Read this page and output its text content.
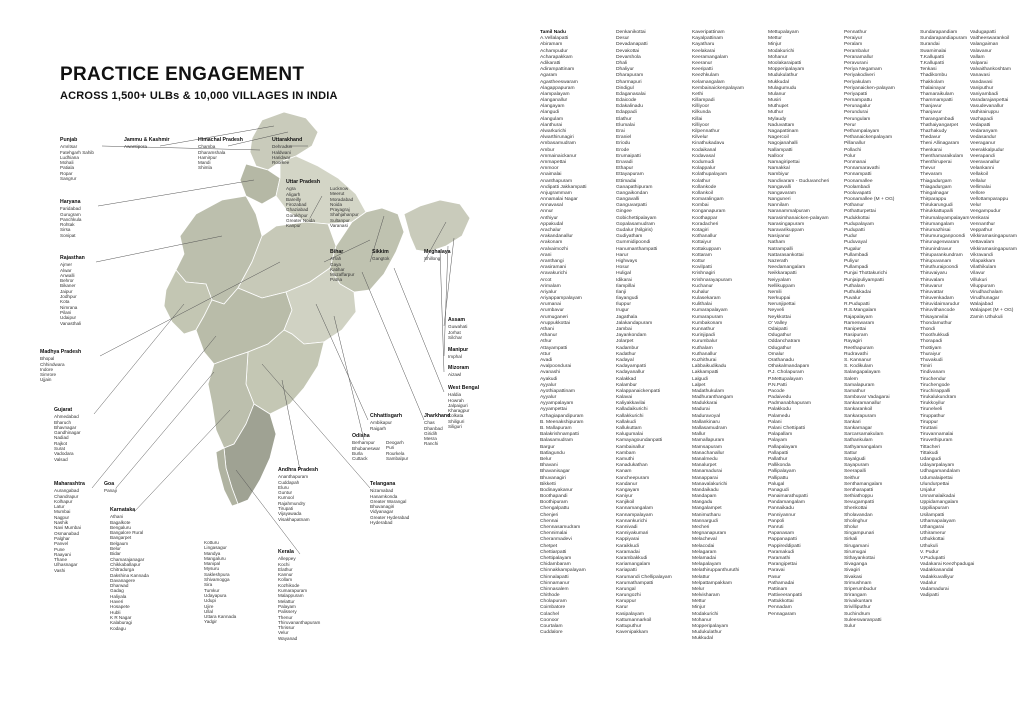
PRACTICE ENGAGEMENT
ACROSS 1,500+ ULBs & 10,000 VILLAGES IN INDIA
Punjab
Amritsar
Fatehgarh Sahib
Ludhiana
Mohali
Patiala
Ropar
Sangrur
Jammu & Kashmir
Awantipora
Himachal Pradesh
Chamba
Dharamshala
Hamirpur
Mandi
Shimla
Uttarakhand
Dehradun
Haldwani
Haridwar
Roorkee
Haryana
Faridabad
Gurugram
Panchkula
Rohtak
Sirsa
Sonipat
Uttar Pradesh
Agra
Aligarh
Bareilly
Firozabad
Ghaziabad
Gorakhpur
Greater Noida
Kanpur
Lucknow
Meerut
Moradabad
Noida
Prayagraj
Shahjahanpur
Sultanpur
Varanasi
Rajasthan
Ajmer
Alwar
Anwalli
Behror
Bikaner
Jaipur
Jodhpur
Kota
Nimrana
Pilani
Udaipur
Vanasthali
Bihar
Arrah
Gaya
Katihar
Muzaffarpur
Patna
Sikkim
Gangtok
Meghalaya
Shillong
Madhya Pradesh
Bhopal
Chhindwara
Indore
Simrore
Ujjain
Assam
Guwahati
Jorhat
Silchar
Manipur
Imphal
Mizoram
Aizawl
West Bengal
Haldia
Howrah
Jalpaiguri
Kharagpur
Kolkata
Shiliguri
Siliguri
Gujarat
Ahmedabad
Bharuch
Bhavnagar
Gandhinagar
Nadiad
Rajkot
Surat
Vadodara
Valsad
Chhattisgarh
Ambikapur
Raigarh
Jharkhand
Chas
Dhanbad
Giridih
Mesra
Ranchi
Odisha
Berhampur
Bhubaneswar
Burla
Cuttack
Deogarh
Puri
Rourkela
Sambalpur
Maharashtra
Aurangabad
Chandrapur
Kolhapur
Latur
Mumbai
Nagpur
Nashik
Navi Mumbai
Osmanabad
Palghar
Panvel
Pune
Raayani
Thane
Ulhasnagar
Vashi
Goa
Panaji
Andhra Pradesh
Ananthapuram
Cuddapah
Eluru
Guntur
Kurnool
Rajahmundry
Tirupati
Vijayawada
Visakhapatnam
Telangana
Nizamabad
Hanamkonda
Greater Warangal
Bhuvanagiri
Vidyanagar
Greater Hyderabad
Hyderabad
Karnataka
Athani
Bagalkote
Bengaluru
Bangalore Rural
Bangarpet
Belgaum
Belur
Bidar
Chamarajanagar
Chikkaballapur
Chitradurga
Dakshina Kannada
Davanagere
Dharwad
Gadag
Haliyala
Haveri
Hosapete
Hubli
K R Nagar
Kalaburagi
Kodagu
Kotturu
Lingasagur
Mandya
Mangaluru
Manipal
Mysuru
Sakleshpura
Shivamogga
Sira
Tumkur
Udayapura
Udupi
Ujire
Ullal
Uttara Kannada
Yadgir
Kerala
Alleppey
Kochi
Elathur
Kannur
Kollam
Kozhikode
Kumarapuram
Malappuram
Melattur
Palayam
Palissery
Thenur
Thiruvananthapuram
Thrissur
Velur
Wayanad
Tamil Nadu
A.Vellalapatti
Abiramam
Achampudur
Acharapakkam
Adikaratti
Adirampattinam
Agaram
Agastheeswaram
Alagappapuram
Alampalayam
Alanganallur
Alangayam
Alangudi
Alangulam
Alanthurai
Alwarkurichi
Alwarthirunagiri
Ambasamudram
Ambur
Ammainaickanur
Ammapettai
Ammoor
Anaimalai
Ananthapuram
Andipatti Jakkampatti
Anjugrammam
Annamalai Nagar
Annavasal
Annur
Anthiyur
Appakudal
Arachalur
Arakandanallur
Arakonam
Aralvaimozhi
Arani
Aranthangi
Arasiramani
Aravakurichi
Arcot
Arimalam
Ariyalur
Ariyappampalayam
Arumanai
Arumbavur
Arumuganeri
Aruppukkottai
Athani
Athanur
Athur
Attayampatti
Attur
Avadi
Avalpoondurai
Avanashi
Ayakudi
Ayyalur
Ayothiapattinam
Ayyalur
Ayyampalayam
Ayyampettai
Azhagiapandipuram
B. Meenakshipuram
B. Mallapuram
Balakrishnampatti
Balasamudram
Bargur
Batlagundu
Belur
Bhavani
Bhavanisagar
Bhuvanagiri
Bikketti
Bodinayakanur
Boothapandi
Boothipuram
Chengalpattu
Chenjeri
Chennai
Chennasamudram
Chennimalai
Cheranmadevi
Chetpet
Chettiarpatti
Chettipalayam
Chidambaram
Chinnakkampalayam
Chinnalapatti
Chinnamanur
Chinnasalem
Chithode
Cholapuram
Coimbatore
Colachel
Coonoor
Courtalam
Cuddalore
Denkanikottai
Desur
Devadanapatti
Devakottai
Devarshola
Dhali
Dhaliyur
Dharapuram
Dharmapuri
Dindigul
Edaganasalai
Edaicode
Edakalinadu
Edappadi
Elathur
Elumalai
Erai
Eraniel
Eriodu
Erode
Erumaipatti
Eruvadi
Ethapur
Ettayapuram
Ettimadai
Ganapathipuram
Gangaikondan
Gangavalli
Ganguvarpatti
Gingee
Gobichettipalayam
Gopalasamudram
Gudalur (Nilgiris)
Gudiyatham
Gummidipoondi
Hanumanthampatti
Harur
Highways
Hosur
Huligal
Idikarai
Ilampillai
Ilanji
Ilayangudi
Iluppur
Irugur
Jagathala
Jalakandapuram
Jambai
Jayankondam
Jolarpet
Kadambur
Kadathur
Kadayal
Kadayampatti
Kadayanallur
Kalakkad
Kalambur
Kalappanaickenpatti
Kalavai
Kaliyakkavilai
Kalladaikurichi
Kallakkurichi
Kallakudi
Kallukuttam
Kalugumalai
Kamayagoundanpatti
Kambainallur
Kambam
Kamuthi
Kanadukathan
Kanam
Kancheepuram
Kandanur
Kangayam
Kaniyur
Kanjikoil
Kannamangalam
Kannampalayam
Kannankurichi
Kannivadi
Kanniyakumari
Kappiyarai
Karaikkudi
Karamadai
Karambakkudi
Kariamangalam
Kariapatti
Karumandi Chellipalayam
Karumathampatti
Karungal
Karungozhi
Karuppur
Karur
Kasipalayam
Kattumannarkoil
Kattuputhur
Kavenipakkam
Kaveripattinam
Kayalpattinam
Kayatharu
Keelakarai
Keeramangalam
Keeranur
Keeripatti
Keezhkulam
Kelamangalam
Kembainaickenpalayam
Kethi
Killampadi
Killiyoor
Kilkunda
Killai
Killiyoor
Kilpennathur
Kilvelur
Kinathukadavu
Kodaikanal
Kodavasal
Kodumudi
Kolappalur
Kolathupalayam
Kolathur
Kollankode
Kollankoil
Komaralingam
Kombai
Konganapuram
Koothappar
Koradacheri
Kotagiri
Kothanallur
Kottaiyur
Kottakuppam
Kottaram
Kottur
Kovilpatti
Krishnagiri
Krishnarayapuram
Kuchanur
Kuhalur
Kulasekaram
Kulithalai
Kumarapalayam
Kumarapuram
Kumbakonam
Kunnathur
Kurinjipadi
Kurumbalur
Kuthalam
Kuthanallur
Kuzhithurai
Labbaikudikadu
Lakkampatti
Lalgudi
Lalpet
Madathukulam
Madhuranthangam
Madukkarai
Madurai
Maduravoyal
Mallankinaru
Mallasamudram
Mallur
Mamallapuram
Mamsapuram
Manachanallur
Manalmedu
Manalurpet
Manamadurai
Manapparai
Manavalakurichi
Mandaikadu
Mandapam
Mangadu
Mangalampet
Manimutharu
Mannargudi
Mecheri
Megnanapuram
Melacheval
Melacodai
Melagaram
Melamadai
Melapalayam
Melathiruppanthuruthi
Melattur
Melpattampakkam
Melur
Melvisharam
Mettur
Minjur
Modakurichi
Mohanur
Mopperipalayam
Mudukulathur
Mukkudal
Mettupalayam
Mettur
Minjur
Modakurichi
Mohanur
Moolakaraipatti
Mopperipalayam
Mudukulathur
Mukkudal
Mulagumudu
Mulanur
Musiri
Muthupet
Muthur
Mylaudy
Naduvattam
Nagapattinam
Nagercoil
Nagojanahalli
Nallampatti
Nalloor
Namagiripettai
Namakkal
Nambiyur
Nandivaram - Guduvancheri
Nangavalli
Nangavaram
Nanguneri
Nannilam
Naranammalpuram
Narasimhanaicken-palayam
Narasingapuram
Naravarikuppam
Nasiyanur
Natham
Natrampalli
Nattarasankottai
Nazerath
Needamangalam
Neikkarapatti
Neiyyalam
Nellikuppam
Nemili
Nerkuppai
Nerunjipettai
Neyveli
Neykkottai
O' Valley
Odaipatti
Odugathur
Oddanchatram
Odugathur
Omalur
Orathanadu
Othakalmandapam
P.J. Cholapuram
P.Mettupalayam
P.N.Patti
Pacode
Padaivedu
Padmanabhapuram
Palakkodu
Palamedu
Palani
Palani Chettipatti
Palapallam
Palayam
Pallapalayam
Pallapatti
Pallathur
Pallikonda
Pallipalayam
Pallipattu
Palugal
Panagudi
Panaimarathupatti
Pandamangalam
Pannaikadu
Panniyannur
Panpoli
Panruti
Papanasam
Pappanapatti
Pappireddipatti
Paramakudi
Paramathi
Parangipettai
Paravai
Pasur
Pathamadai
Pattinam
Pattiveeranpatti
Pattukkottai
Pennadam
Pennagaram
Pennathur
Peraiyur
Peralam
Perambalur
Peranamallur
Peravurani
Periya Negamam
Periyakodiveri
Periyakulam
Periyanaicken-palayam
Periyapatti
Pernampattu
Perunagalur
Perundurai
Perungulam
Perur
Pethampalayam
Pethanaickenpalayam
Pillanallur
Pollachi
Polur
Ponmanai
Ponnamaravathi
Ponnampatti
Poonamallee
Poolambadi
Pooluvapatti
Poonamallee (M + OG)
Pothanur
Pothatturpettai
Pudukkottai
Pudupalayam
Pudupatti
Pudur
Puduvayal
Pugalur
Pullambadi
Puliyur
Pullampadi
Punjai Thottakurichi
Punjaipuliyampatti
Puthalam
Puthukkadai
Puvalur
R.Pudupatti
R.S.Mangalam
Rajapalayam
Rameswaram
Ranipettai
Rasipuram
Rayagiri
Reethapuram
Rudravathi
S. Kannanur
S. Kodikulam
Salangapalayam
Salem
Samalapuram
Samathur
Sambavar Vadagarai
Sankaramanallur
Sankarankoil
Sankarapuram
Sankari
Sankarnagar
Sarcarsamakulam
Sathankulam
Sathyamangalam
Sattur
Sayalgudi
Sayapuram
Seerapalli
Seithur
Senthamangalam
Sentharapatti
Sethiathoppu
Sevugampatti
Shenkottai
Sholavandan
Sholinghur
Sholur
Singampunari
Sirkali
Sirugamani
Sirumugai
Sithayankottai
Sivaganga
Sivagiri
Sivakasi
Srimushnam
Sriperumbudur
Srirangam
Srivaikuntam
Srivilliputhur
Suchindrum
Suleeswaranpatti
Sulur
Sundarapandiam
Sundarapandiapuram
Surandai
Swamimalai
T.Kallupatti
T.Kallupatti
Tenkasi
Thadikombu
Thakkolam
Thalainayar
Thamaraikulam
Thammampatti
Thanjavur
Thanjavur
Tharangambadi
Thathaiyangarpet
Thazhakudy
Thedavur
Theni Allinagaram
Thenkarai
Thenthamaraikulam
Thenthiruperai
Thevur
Thevaram
Thiagadurgam
Thiagadurgam
Thingalnagar
Thirparappu
Thirukarungudi
Thirukkattupalli
Thirumalayampalayam
Thirumangalam
Thirumazhisai
Thirumuruganpoondi
Thirunageswaram
Thirunindravur
Thiruparankundram
Thirupuvanam
Thiruthuraipoondi
Thiruvaiyaru
Thiruvalam
Thiruvarur
Thiruvattar
Thiruvenkadam
Thiruvidaimarudur
Thiruvithancode
Thisayanvilai
Thondamuthur
Thondi
Thoothukkudi
Thorapadi
Thottiyam
Thuraiyur
Thuvakudi
Timiri
Tindivanam
Tiruchendur
Tiruchengode
Tiruchirappalli
Tirukalukundram
Tirukkoyilur
Tirunelveli
Tiruppathur
Tiruppur
Tiruttani
Tiruvannamalai
Tiruvethipuram
Tittacheri
Tittakudi
Udangudi
Udayarpalayam
Udhagamandalam
Udumalaipettai
Ulundurpettai
Unjalur
Unnamalaikadai
Uppidamangalam
Uppiliapuram
Usilampatti
Uthamapalayam
Uthangarai
Uthiramerur
Uthukkottai
Uthukuli
V. Pudur
V.Pudupatti
Vadakarai Keezhpadugai
Vadakkanandal
Vadakkuvalliyur
Vadalur
Vadamadurai
Vadipatti
Vadugapatti
Vaitheeswarankoil
Valangaiman
Valavanur
Vallam
Valparai
Valvaithankoshtam
Vanavasi
Vandavasi
Vaniputhur
Vaniyambadi
Varadarajanpettai
Vasudevanallur
Vathirairuppu
Vazhapadi
Vedapatti
Vedaranyam
Vedasandur
Veeraganur
Veerakkalpudur
Veerapandi
Veeravanallur
Velankanni
Vellakoil
Vellalur
Vellimalai
Vellore
Vellottamparappu
Velur
Vengampudur
Venkarai
Vennanthur
Veppathur
Vikkiramasingapuram
Vettavalam
Vikkiramasingapuram
Vikravandi
Vilapakkam
Vilathikulam
Vilavur
Villukuri
Viluppuram
Virudhachalam
Virudhunagar
Walajabad
Walajapet (M + OG)
Zamin Uthukuli
